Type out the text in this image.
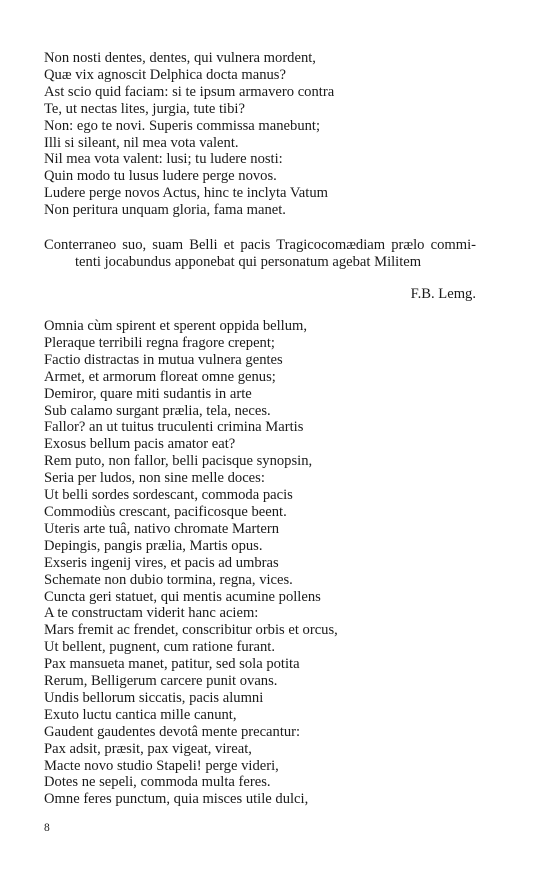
Non nosti dentes, dentes, qui vulnera mordent,
Quæ vix agnoscit Delphica docta manus?
Ast scio quid faciam: si te ipsum armavero contra
Te, ut nectas lites, jurgia, tute tibi?
Non: ego te novi. Superis commissa manebunt;
Illi si sileant, nil mea vota valent.
Nil mea vota valent: lusi; tu ludere nosti:
Quin modo tu lusus ludere perge novos.
Ludere perge novos Actus, hinc te inclyta Vatum
Non peritura unquam gloria, fama manet.
Conterraneo suo, suam Belli et pacis Tragicocomædiam prælo commi-
tenti jocabundus apponebat qui personatum agebat Militem
F.B. Lemg.
Omnia cùm spirent et sperent oppida bellum,
Pleraque terribili regna fragore crepent;
Factio distractas in mutua vulnera gentes
Armet, et armorum floreat omne genus;
Demiror, quare miti sudantis in arte
Sub calamo surgant prælia, tela, neces.
Fallor? an ut tuitus truculenti crimina Martis
Exosus bellum pacis amator eat?
Rem puto, non fallor, belli pacisque synopsin,
Seria per ludos, non sine melle doces:
Ut belli sordes sordescant, commoda pacis
Commodiùs crescant, pacificosque beent.
Uteris arte tuâ, nativo chromate Martern
Depingis, pangis prælia, Martis opus.
Exseris ingenij vires, et pacis ad umbras
Schemate non dubio tormina, regna, vices.
Cuncta geri statuet, qui mentis acumine pollens
A te constructam viderit hanc aciem:
Mars fremit ac frendet, conscribitur orbis et orcus,
Ut bellent, pugnent, cum ratione furant.
Pax mansueta manet, patitur, sed sola potita
Rerum, Belligerum carcere punit ovans.
Undis bellorum siccatis, pacis alumni
Exuto luctu cantica mille canunt,
Gaudent gaudentes devotâ mente precantur:
Pax adsit, præsit, pax vigeat, vireat,
Macte novo studio Stapeli! perge videri,
Dotes ne sepeli, commoda multa feres.
Omne feres punctum, quia misces utile dulci,
8
